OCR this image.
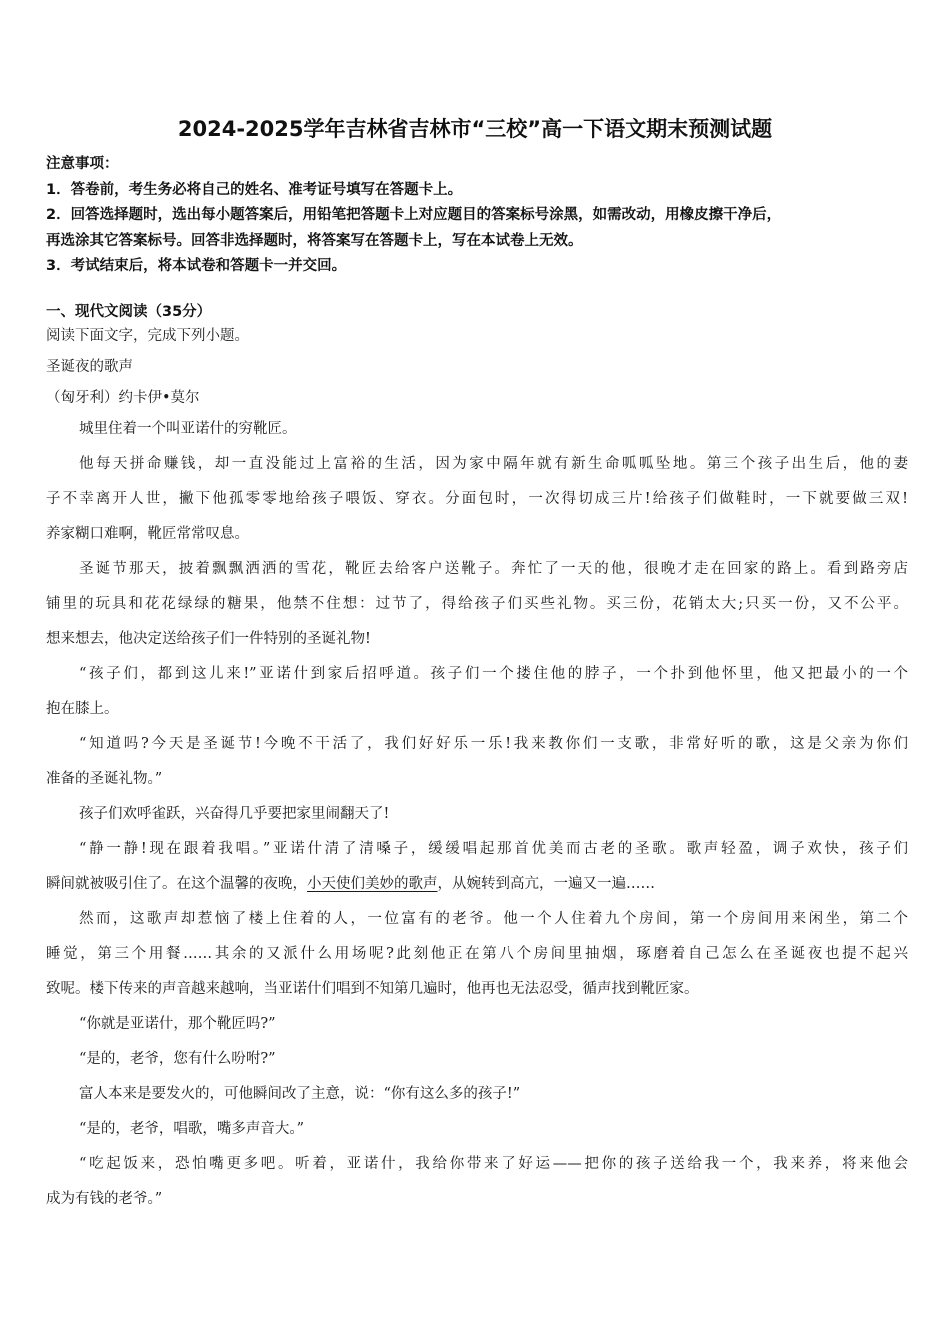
2024-2025学年吉林省吉林市“三校”高一下语文期末预测试题
注意事项：
1．答卷前，考生务必将自己的姓名、准考证号填写在答题卡上。
2．回答选择题时，选出每小题答案后，用铅笔把答题卡上对应题目的答案标号涂黑，如需改动，用橡皮擦干净后，
再选涂其它答案标号。回答非选择题时，将答案写在答题卡上，写在本试卷上无效。
3．考试结束后，将本试卷和答题卡一并交回。
一、现代文阅读（35分）
阅读下面文字，完成下列小题。
圣诞夜的歌声
（匈牙利）约卡伊•莫尔
城里住着一个叫亚诺什的穷靴匠。
他每天拼命赚钱，却一直没能过上富裕的生活，因为家中隔年就有新生命呱呱坠地。第三个孩子出生后，他的妻
子不幸离开人世，撇下他孤零零地给孩子喂饭、穿衣。分面包时，一次得切成三片!给孩子们做鞋时，一下就要做三双!
养家糊口难啊，靴匠常常叹息。
圣诞节那天，披着飘飘洒洒的雪花，靴匠去给客户送靴子。奔忙了一天的他，很晚才走在回家的路上。看到路旁店
铺里的玩具和花花绿绿的糖果，他禁不住想：过节了，得给孩子们买些礼物。买三份，花销太大;只买一份，又不公平。
想来想去，他决定送给孩子们一件特别的圣诞礼物!
“孩子们，都到这儿来!”亚诺什到家后招呼道。孩子们一个搂住他的脖子，一个扑到他怀里，他又把最小的一个
抱在膝上。
“知道吗?今天是圣诞节!今晚不干活了，我们好好乐一乐!我来教你们一支歌，非常好听的歌，这是父亲为你们
准备的圣诞礼物。”
孩子们欢呼雀跃，兴奋得几乎要把家里闹翻天了!
“静一静!现在跟着我唱。”亚诺什清了清嗓子，缓缓唱起那首优美而古老的圣歌。歌声轻盈，调子欢快，孩子们
瞬间就被吸引住了。在这个温馨的夜晚，小天使们美妙的歌声，从婉转到高亢，一遍又一遍……
然而，这歌声却惹恼了楼上住着的人，一位富有的老爷。他一个人住着九个房间，第一个房间用来闲坐，第二个
睡觉，第三个用餐……其余的又派什么用场呢?此刻他正在第八个房间里抽烟，琢磨着自己怎么在圣诞夜也提不起兴
致呢。楼下传来的声音越来越响，当亚诺什们唱到不知第几遍时，他再也无法忍受，循声找到靴匠家。
“你就是亚诺什，那个靴匠吗?”
“是的，老爷，您有什么吩咐?”
富人本来是要发火的，可他瞬间改了主意，说：“你有这么多的孩子!”
“是的，老爷，唱歌，嘴多声音大。”
“吃起饭来，恐怕嘴更多吧。听着，亚诺什，我给你带来了好运——把你的孩子送给我一个，我来养，将来他会
成为有钱的老爷。”
